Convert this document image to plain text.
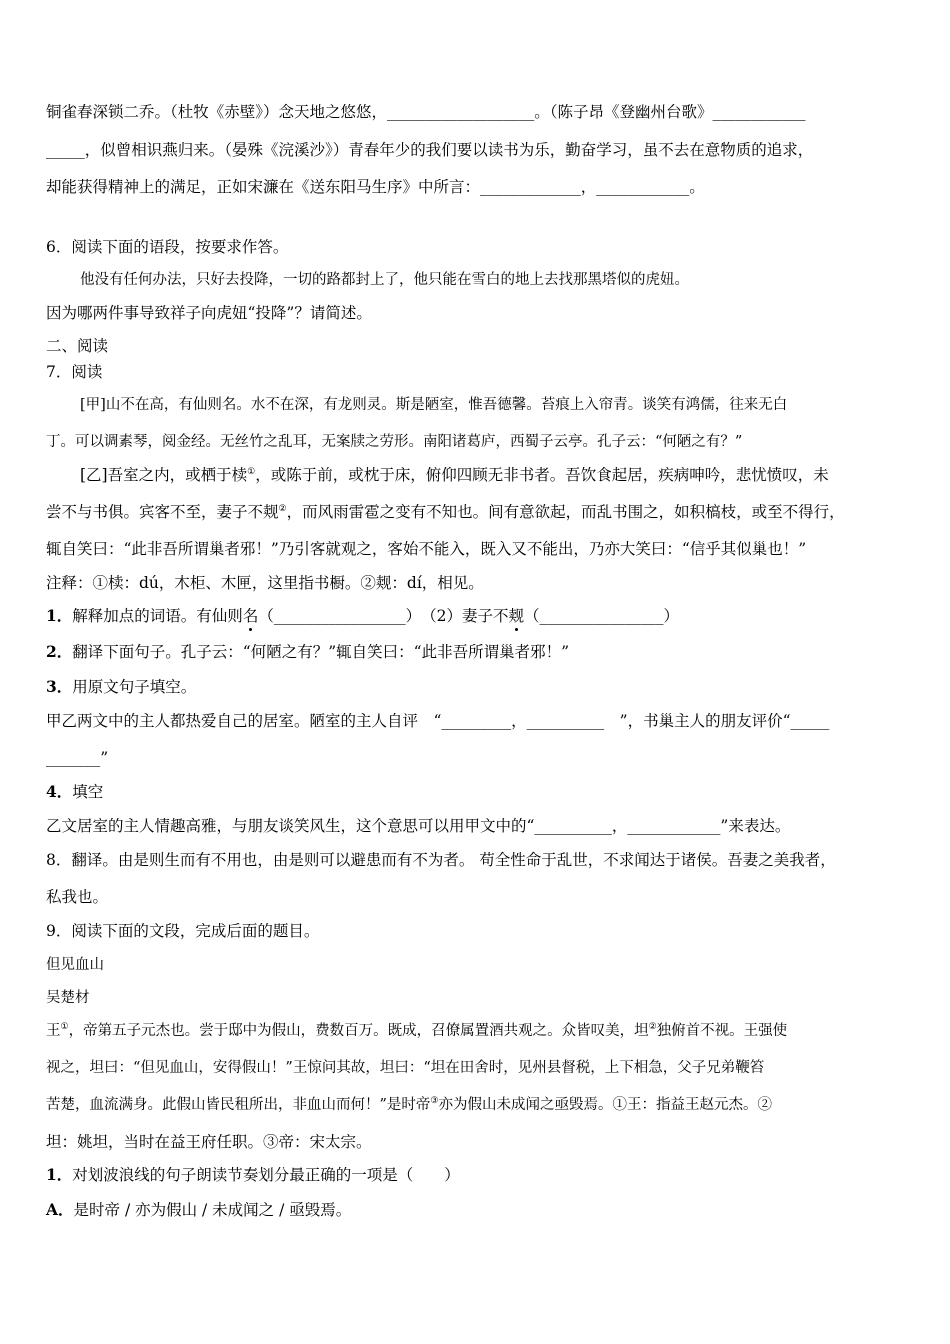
铜雀春深锁二乔。（杜牧《赤壁》）念天地之悠悠，___________________。（陈子昂《登幽州台歌》____________
_____，似曾相识燕归来。（晏殊《浣溪沙》）青春年少的我们要以读书为乐，勤奋学习，虽不去在意物质的追求，
却能获得精神上的满足，正如宋濂在《送东阳马生序》中所言：_____________，____________。
6．阅读下面的语段，按要求作答。
他没有任何办法，只好去投降，一切的路都封上了，他只能在雪白的地上去找那黑塔似的虎妞。
因为哪两件事导致祥子向虎妞“投降”？请简述。
二、阅读
7．阅读
[甲]山不在高，有仙则名。水不在深，有龙则灵。斯是陋室，惟吾德馨。苔痕上入帘青。谈笑有鸿儒，往来无白
丁。可以调素琴，阅金经。无丝竹之乱耳，无案牍之劳形。南阳诸葛庐，西蜀子云亭。孔子云：“何陋之有？”
[乙]吾室之内，或栖于椟①，或陈于前，或枕于床，俯仰四顾无非书者。吾饮食起居，疾病呻吟，悲忧愤叹，未
尝不与书俱。宾客不至，妻子不觌②，而风雨雷雹之变有不知也。间有意欲起，而乱书围之，如积槁枝，或至不得行，
辄自笑曰：“此非吾所谓巢者邪！”乃引客就观之，客始不能入，既入又不能出，乃亦大笑曰：“信乎其似巢也！”
注释：①椟：dú，木柜、木匣，这里指书橱。②觌：dí，相见。
1．解释加点的词语。有仙则名（_________________）　（2）妻子不觌（________________）
2．翻译下面句子。孔子云：“何陋之有？”辄自笑曰：“此非吾所谓巢者邪！”
3．用原文句子填空。
甲乙两文中的主人都热爱自己的居室。陋室的主人自评　“_________，__________　”，书巢主人的朋友评价“_____
_______”
4．填空
乙文居室的主人情趣高雅，与朋友谈笑风生，这个意思可以用甲文中的“__________，____________”来表达。
8．翻译。由是则生而有不用也，由是则可以避患而有不为者。 苟全性命于乱世，不求闻达于诸侯。吾妻之美我者，
私我也。
9．阅读下面的文段，完成后面的题目。
但见血山
吴楚材
王①，帝第五子元杰也。尝于邸中为假山，费数百万。既成，召僚属置酒共观之。众皆叹美，坦②独俯首不视。王强使
视之，坦曰：“但见血山，安得假山！”王惊问其故，坦曰：“坦在田舍时，见州县督税，上下相急，父子兄弟鞭笞
苦楚，血流满身。此假山皆民租所出，非血山而何！”是时帝③亦为假山未成闻之亟毁焉。①王：指益王赵元杰。②
坦：姚坦，当时在益王府任职。③帝：宋太宗。
1．对划波浪线的句子朗读节奏划分最正确的一项是（　　）
A．是时帝 / 亦为假山 / 未成闻之 / 亟毁焉。
